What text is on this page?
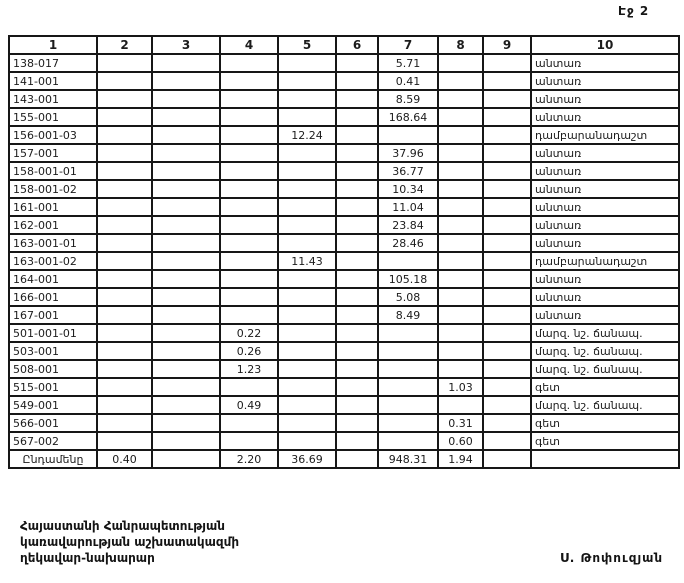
Էջ 2
1	2	3	4	5	6	7	8	9	10
138-017						5.71			անտառ
141-001						0.41			անտառ
143-001						8.59			անտառ
155-001						168.64			անտառ
156-001-03				12.24					դամբարանադաշտ
157-001						37.96			անտառ
158-001-01						36.77			անտառ
158-001-02						10.34			անտառ
161-001						11.04			անտառ
162-001						23.84			անտառ
163-001-01						28.46			անտառ
163-001-02				11.43					դամբարանադաշտ
164-001						105.18			անտառ
166-001						5.08			անտառ
167-001						8.49			անտառ
501-001-01			0.22						մարզ. նշ. ճանապ.
503-001			0.26						մարզ. նշ. ճանապ.
508-001			1.23						մարզ. նշ. ճանապ.
515-001							1.03		գետ
549-001			0.49						մարզ. նշ. ճանապ.
566-001							0.31		գետ
567-002							0.60		գետ
Ընդամենը	0.40		2.20	36.69		948.31	1.94		
Հայաստանի Հանրապետության
կառավարության աշխատակազմի
ղեկավար-նախարար	Ս. Թոփուզյան
